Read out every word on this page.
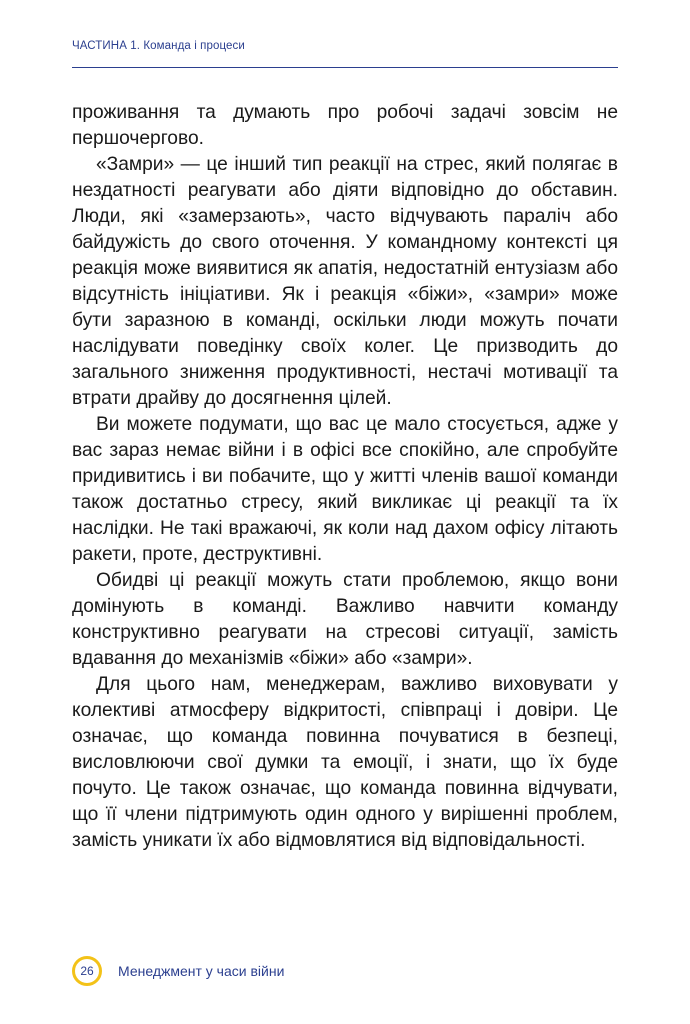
ЧАСТИНА 1. Команда і процеси

проживання та думають про робочі задачі зовсім не першочергово.

«Замри» — це інший тип реакції на стрес, який полягає в нездатності реагувати або діяти відповідно до обставин. Люди, які «замерзають», часто відчувають параліч або байдужість до свого оточення. У командному контексті ця реакція може виявитися як апатія, недостатній ентузіазм або відсутність ініціативи. Як і реакція «біжи», «замри» може бути заразною в команді, оскільки люди можуть почати наслідувати поведінку своїх колег. Це призводить до загального зниження продуктивності, нестачі мотивації та втрати драйву до досягнення цілей.

Ви можете подумати, що вас це мало стосується, адже у вас зараз немає війни і в офісі все спокійно, але спробуйте придивитись і ви побачите, що у житті членів вашої команди також достатньо стресу, який викликає ці реакції та їх наслідки. Не такі вражаючі, як коли над дахом офісу літають ракети, проте, деструктивні.

Обидві ці реакції можуть стати проблемою, якщо вони домінують в команді. Важливо навчити команду конструктивно реагувати на стресові ситуації, замість вдавання до механізмів «біжи» або «замри».

Для цього нам, менеджерам, важливо виховувати у колективі атмосферу відкритості, співпраці і довіри. Це означає, що команда повинна почуватися в безпеці, висловлюючи свої думки та емоції, і знати, що їх буде почуто. Це також означає, що команда повинна відчувати, що її члени підтримують один одного у вирішенні проблем, замість уникати їх або відмовлятися від відповідальності.

26 Менеджмент у часи війни
